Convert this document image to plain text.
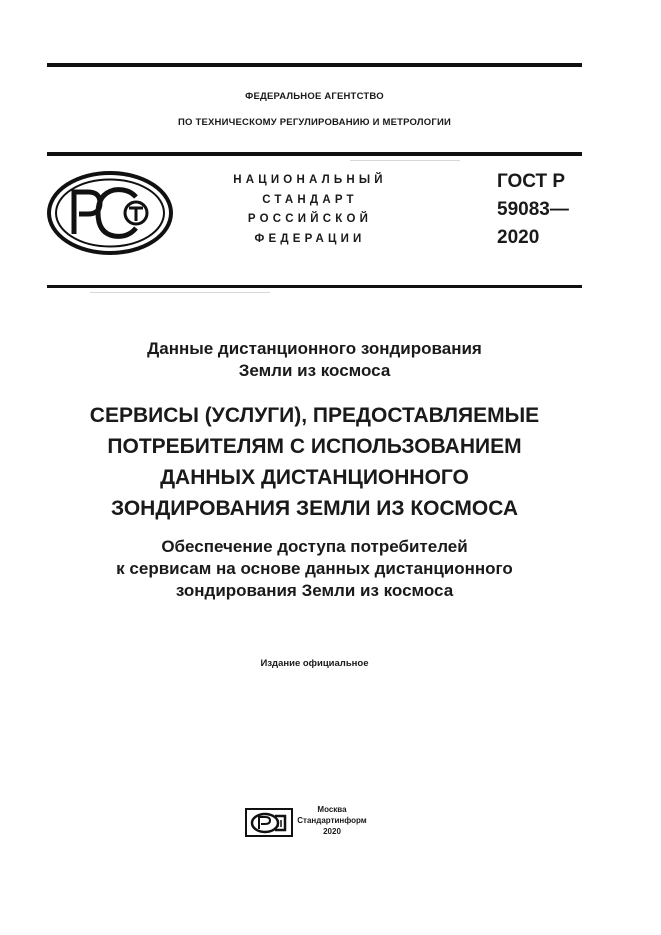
ФЕДЕРАЛЬНОЕ АГЕНТСТВО
ПО ТЕХНИЧЕСКОМУ РЕГУЛИРОВАНИЮ И МЕТРОЛОГИИ
НАЦИОНАЛЬНЫЙ
СТАНДАРТ
РОССИЙСКОЙ
ФЕДЕРАЦИИ
ГОСТ Р
59083—
2020
Данные дистанционного зондирования
Земли из космоса
СЕРВИСЫ (УСЛУГИ), ПРЕДОСТАВЛЯЕМЫЕ
ПОТРЕБИТЕЛЯМ С ИСПОЛЬЗОВАНИЕМ
ДАННЫХ ДИСТАНЦИОННОГО
ЗОНДИРОВАНИЯ ЗЕМЛИ ИЗ КОСМОСА
Обеспечение доступа потребителей
к сервисам на основе данных дистанционного
зондирования Земли из космоса
Издание официальное
Москва
Стандартинформ
2020
